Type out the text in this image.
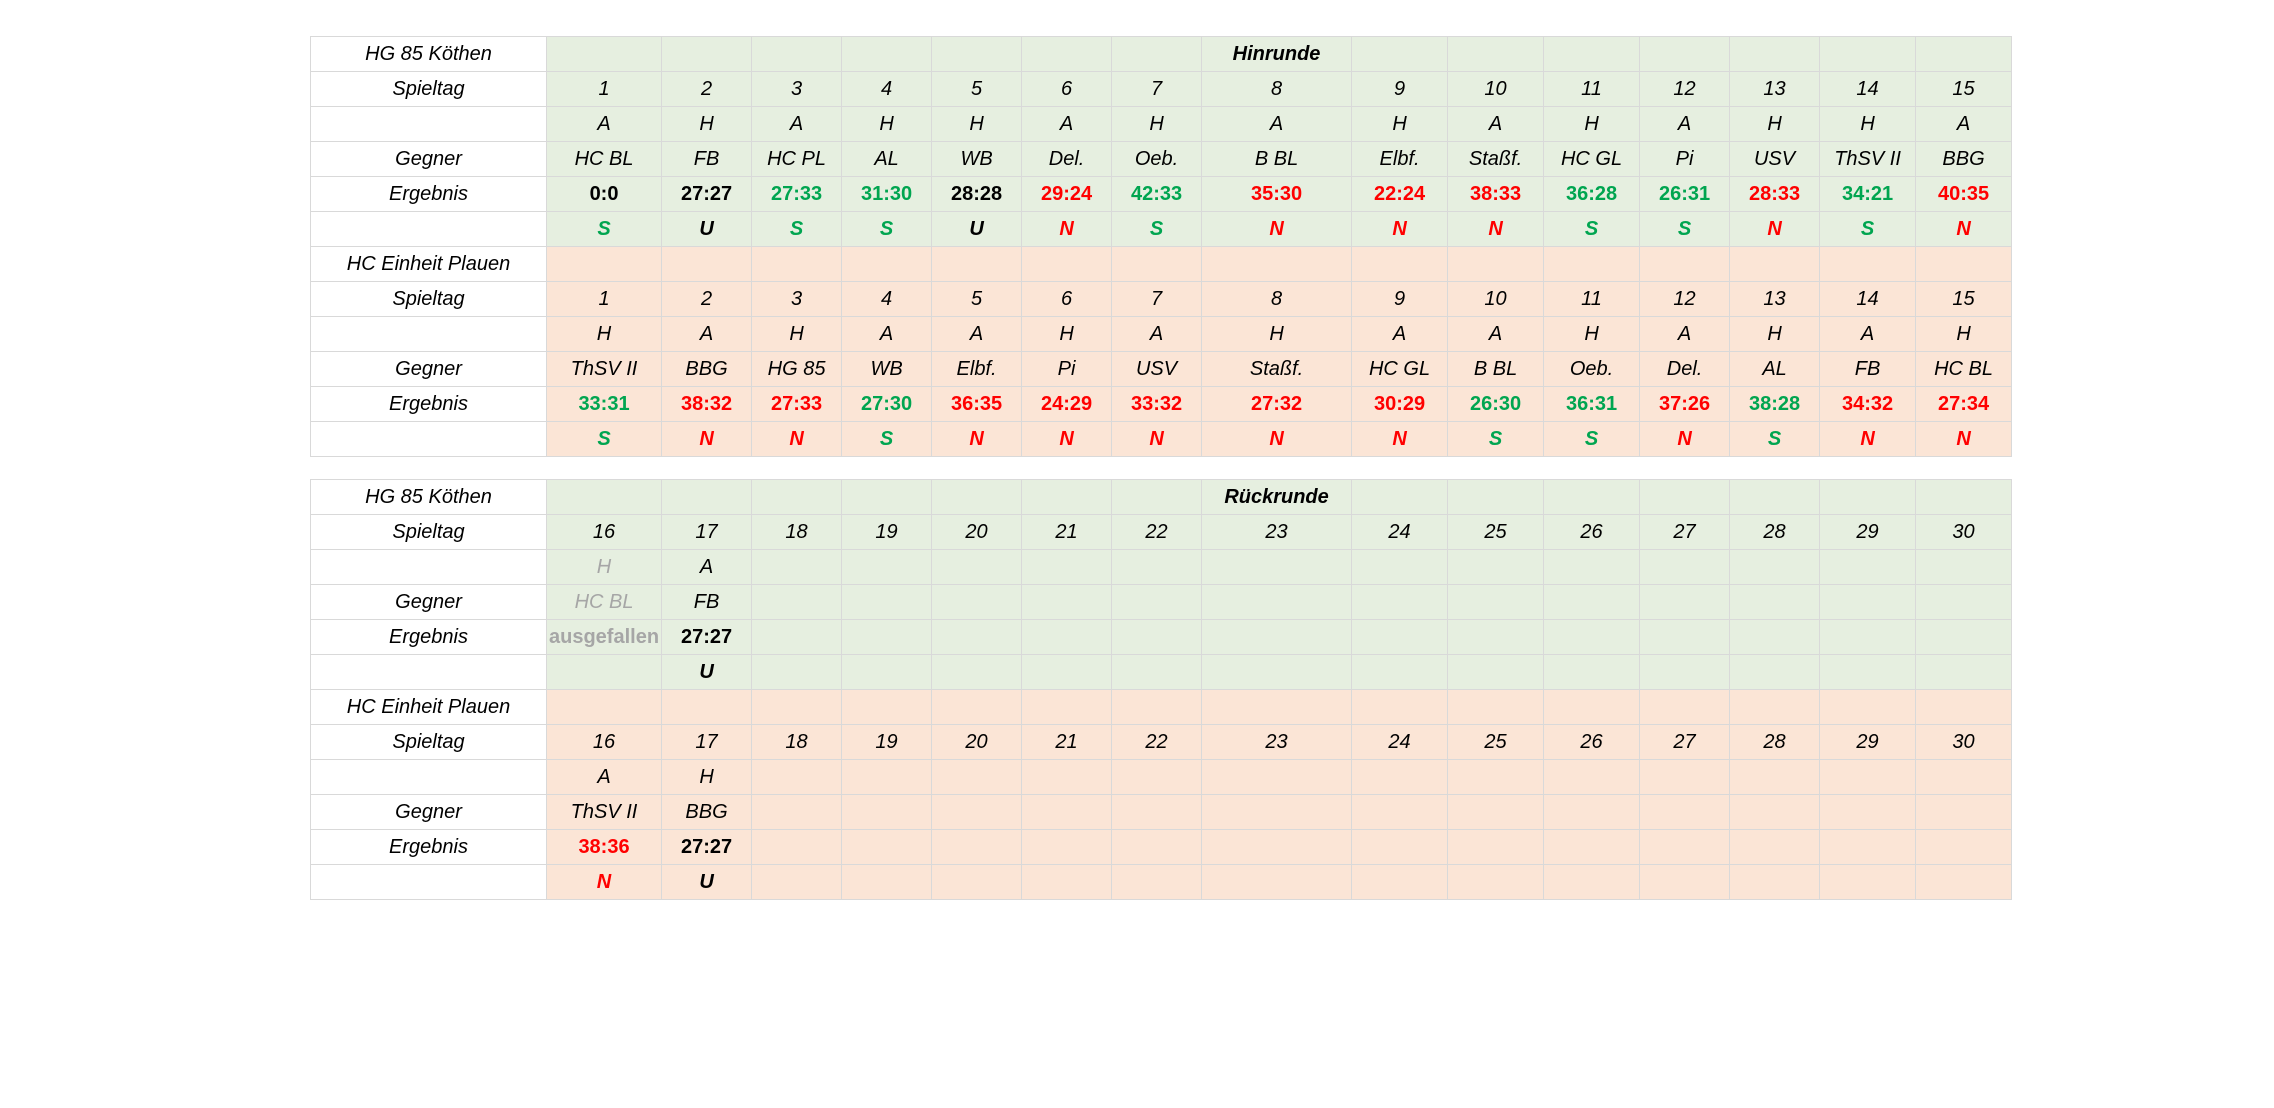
HG 85 Köthen								Hinrunde							
Spieltag	1	2	3	4	5	6	7	8	9	10	11	12	13	14	15
	A	H	A	H	H	A	H	A	H	A	H	A	H	H	A
Gegner	HC BL	FB	HC PL	AL	WB	Del.	Oeb.	B BL	Elbf.	Staßf.	HC GL	Pi	USV	ThSV II	BBG
Ergebnis	0:0	27:27	27:33	31:30	28:28	29:24	42:33	35:30	22:24	38:33	36:28	26:31	28:33	34:21	40:35
	S	U	S	S	U	N	S	N	N	N	S	S	N	S	N
HC Einheit Plauen															
Spieltag	1	2	3	4	5	6	7	8	9	10	11	12	13	14	15
	H	A	H	A	A	H	A	H	A	A	H	A	H	A	H
Gegner	ThSV II	BBG	HG 85	WB	Elbf.	Pi	USV	Staßf.	HC GL	B BL	Oeb.	Del.	AL	FB	HC BL
Ergebnis	33:31	38:32	27:33	27:30	36:35	24:29	33:32	27:32	30:29	26:30	36:31	37:26	38:28	34:32	27:34
	S	N	N	S	N	N	N	N	N	S	S	N	S	N	N

HG 85 Köthen								Rückrunde							
Spieltag	16	17	18	19	20	21	22	23	24	25	26	27	28	29	30
	H	A													
Gegner	HC BL	FB													
Ergebnis	ausgefallen	27:27													
		U													
HC Einheit Plauen															
Spieltag	16	17	18	19	20	21	22	23	24	25	26	27	28	29	30
	A	H													
Gegner	ThSV II	BBG													
Ergebnis	38:36	27:27													
	N	U													
